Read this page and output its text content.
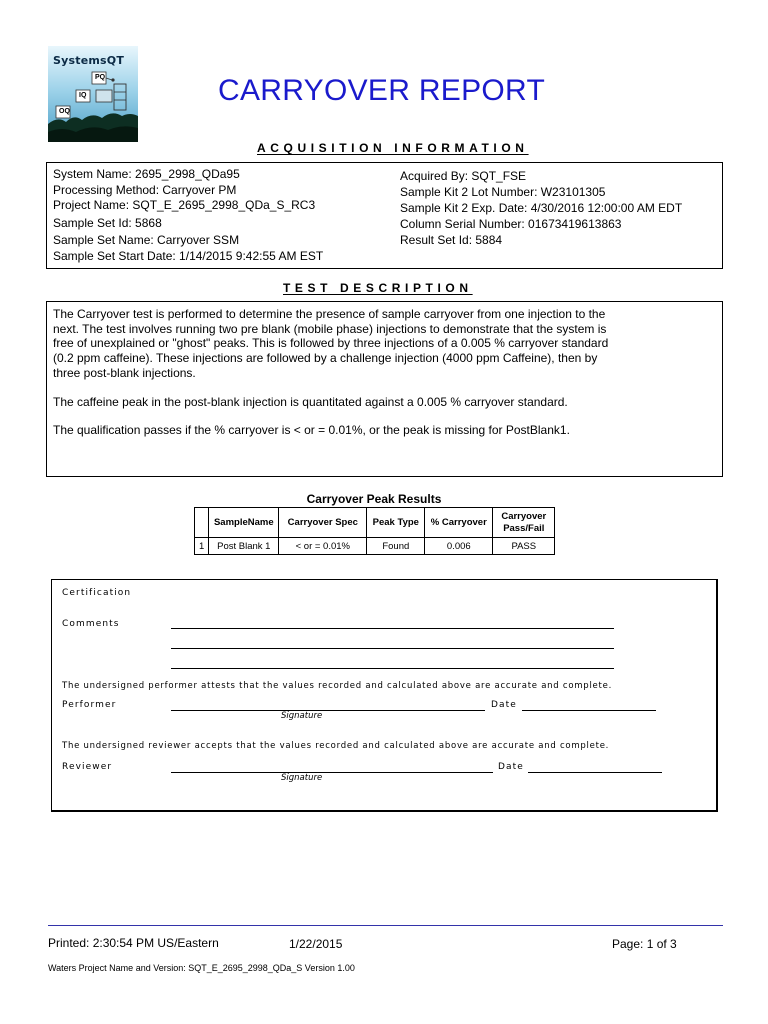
SystemsQT
PQ
IQ
OQ
CARRYOVER REPORT
ACQUISITION INFORMATION
System Name: 2695_2998_QDa95
Processing Method: Carryover PM
Project Name: SQT_E_2695_2998_QDa_S_RC3
Sample Set Id: 5868
Sample Set Name: Carryover SSM
Sample Set Start Date: 1/14/2015 9:42:55 AM EST
Acquired By: SQT_FSE
Sample Kit 2 Lot Number: W23101305
Sample Kit 2 Exp. Date: 4/30/2016 12:00:00 AM EDT
Column Serial Number: 01673419613863
Result Set Id: 5884
TEST DESCRIPTION

The Carryover test is performed to determine the presence of sample carryover from one injection to the
next. The test involves running two pre blank (mobile phase) injections to demonstrate that the system is
free of unexplained or "ghost" peaks. This is followed by three injections of a 0.005 % carryover standard
(0.2 ppm caffeine). These injections are followed by a challenge injection (4000 ppm Caffeine), then by
three post-blank injections.

The caffeine peak in the post-blank injection is quantitated against a 0.005 % carryover standard.

The qualification passes if the % carryover is < or = 0.01%, or the peak is missing for PostBlank1.

Carryover Peak Results
	SampleName	Carryover Spec	Peak Type	% Carryover	Carryover
Pass/Fail
1	Post Blank 1	< or = 0.01%	Found	0.006	PASS
Certification
Comments
The undersigned performer attests that the values recorded and calculated above are accurate and complete.
Performer
Signature
Date
The undersigned reviewer accepts that the values recorded and calculated above are accurate and complete.
Reviewer
Signature
Date
Printed: 2:30:54 PM US/Eastern	1/22/2015	Page: 1 of 3
Waters Project Name and Version: SQT_E_2695_2998_QDa_S Version 1.00
